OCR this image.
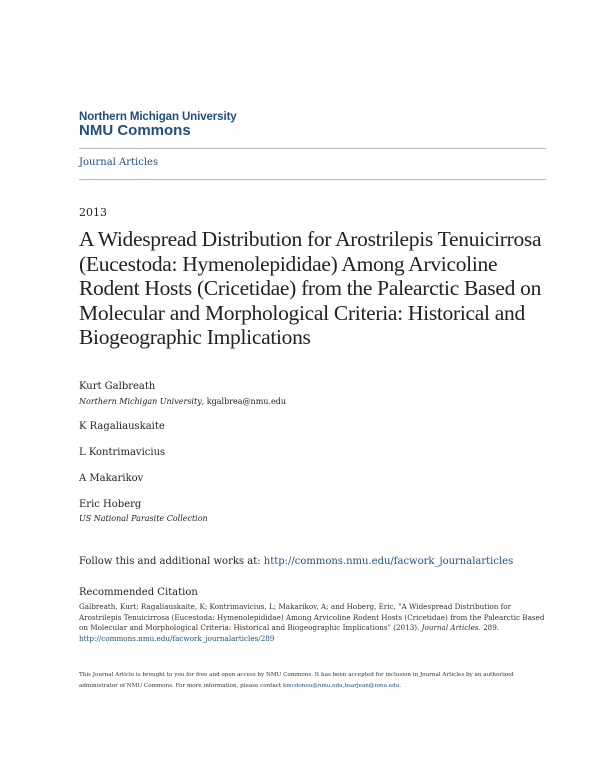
Northern Michigan University
NMU Commons
Journal Articles
2013
A Widespread Distribution for Arostrilepis Tenuicirrosa (Eucestoda: Hymenolepididae) Among Arvicoline Rodent Hosts (Cricetidae) from the Palearctic Based on Molecular and Morphological Criteria: Historical and Biogeographic Implications
Kurt Galbreath
Northern Michigan University, kgalbrea@nmu.edu
K Ragaliauskaite
L Kontrimavicius
A Makarikov
Eric Hoberg
US National Parasite Collection
Follow this and additional works at: http://commons.nmu.edu/facwork_journalarticles
Recommended Citation
Galbreath, Kurt; Ragaliauskaite, K; Kontrimavicius, L; Makarikov, A; and Hoberg, Eric, "A Widespread Distribution for Arostrilepis Tenuicirrosa (Eucestoda: Hymenolepididae) Among Arvicoline Rodent Hosts (Cricetidae) from the Palearctic Based on Molecular and Morphological Criteria: Historical and Biogeographic Implications" (2013). Journal Articles. 289.
http://commons.nmu.edu/facwork_journalarticles/289
This Journal Article is brought to you for free and open access by NMU Commons. It has been accepted for inclusion in Journal Articles by an authorized administrator of NMU Commons. For more information, please contact kmcdonou@nmu.edu,bsarjean@nmu.edu.
